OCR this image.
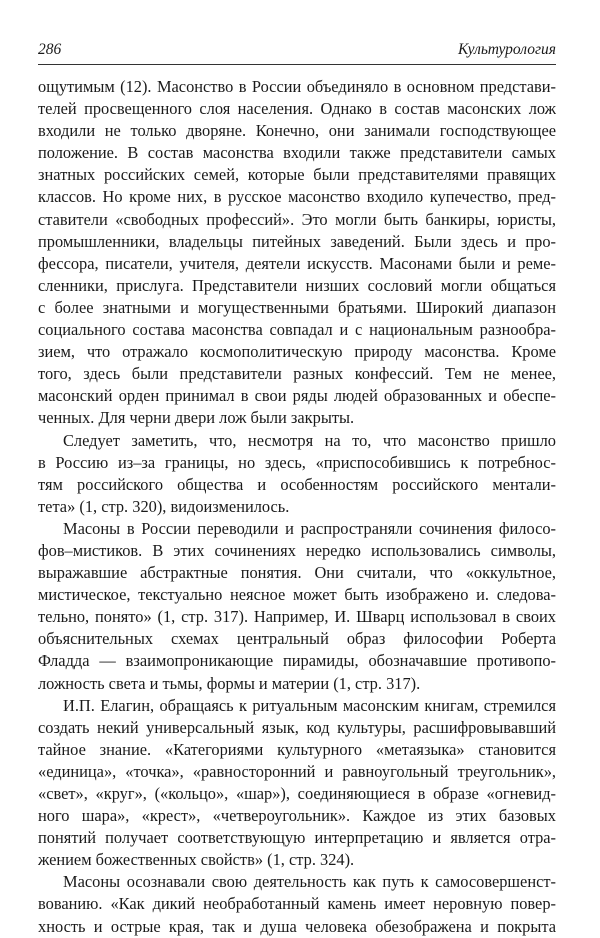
286	Культурология
ощутимым (12). Масонство в России объединяло в основном представи-
телей просвещенного слоя населения. Однако в состав масонских лож
входили не только дворяне. Конечно, они занимали господствующее
положение. В состав масонства входили также представители самых
знатных российских семей, которые были представителями правящих
классов. Но кроме них, в русское масонство входило купечество, пред-
ставители «свободных профессий». Это могли быть банкиры, юристы,
промышленники, владельцы питейных заведений. Были здесь и про-
фессора, писатели, учителя, деятели искусств. Масонами были и реме-
сленники, прислуга. Представители низших сословий могли общаться
с более знатными и могущественными братьями. Широкий диапазон
социального состава масонства совпадал и с национальным разнообра-
зием, что отражало космополитическую природу масонства. Кроме
того, здесь были представители разных конфессий. Тем не менее,
масонский орден принимал в свои ряды людей образованных и обеспе-
ченных. Для черни двери лож были закрыты.
Следует заметить, что, несмотря на то, что масонство пришло
в Россию из–за границы, но здесь, «приспособившись к потребнос-
тям российского общества и особенностям российского ментали-
тета» (1, стр. 320), видоизменилось.
Масоны в России переводили и распространяли сочинения филосо-
фов–мистиков. В этих сочинениях нередко использовались символы,
выражавшие абстрактные понятия. Они считали, что «оккультное,
мистическое, текстуально неясное может быть изображено и. следова-
тельно, понято» (1, стр. 317). Например, И. Шварц использовал в своих
объяснительных схемах центральный образ философии Роберта
Фладда — взаимопроникающие пирамиды, обозначавшие противопо-
ложность света и тьмы, формы и материи (1, стр. 317).
И.П. Елагин, обращаясь к ритуальным масонским книгам, стремился
создать некий универсальный язык, код культуры, расшифровывавший
тайное знание. «Категориями культурного «метаязыка» становится
«единица», «точка», «равносторонний и равноугольный треугольник»,
«свет», «круг», («кольцо», «шар»), соединяющиеся в образе «огневид-
ного шара», «крест», «четвероугольник». Каждое из этих базовых
понятий получает соответствующую интерпретацию и является отра-
жением божественных свойств» (1, стр. 324).
Масоны осознавали свою деятельность как путь к самосовершенст-
вованию. «Как дикий необработанный камень имеет неровную повер-
хность и острые края, так и душа человека обезображена и покрыта
